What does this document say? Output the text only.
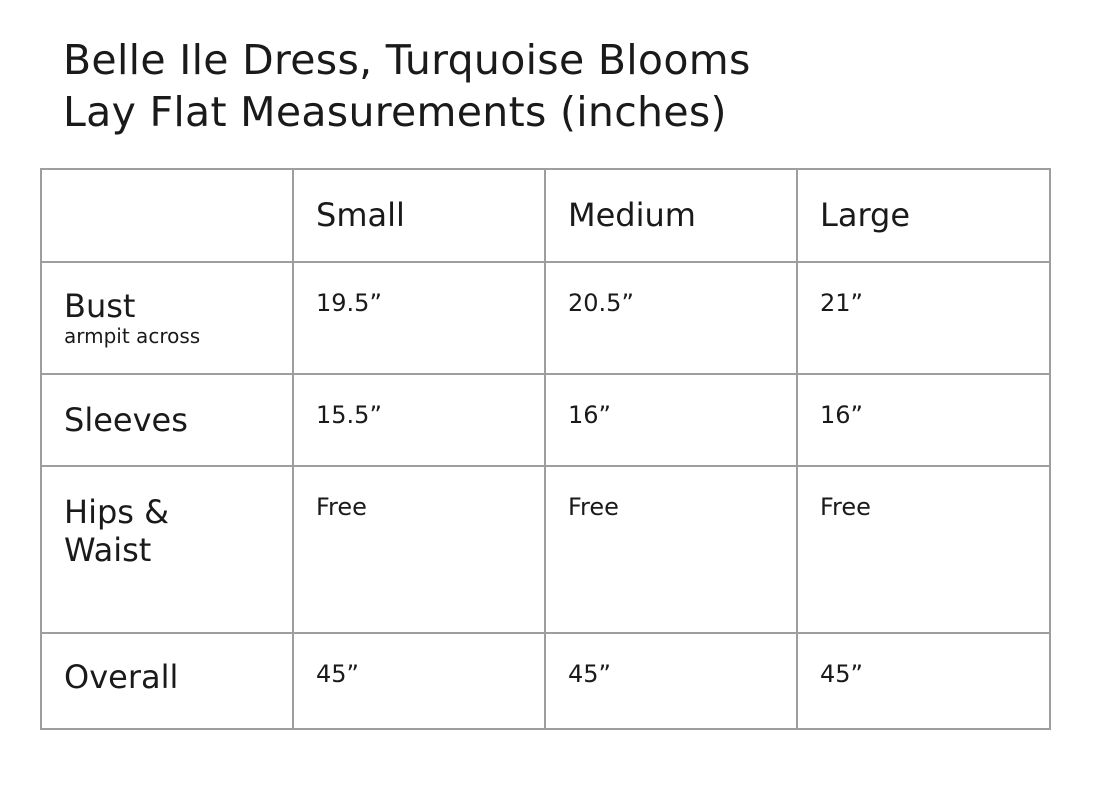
Belle Ile Dress, Turquoise Blooms
Lay Flat Measurements (inches)

	Small	Medium	Large

Bust
armpit across	19.5”	20.5”	21”

Sleeves	15.5”	16”	16”

Hips & Waist	Free	Free	Free

Overall	45”	45”	45”
